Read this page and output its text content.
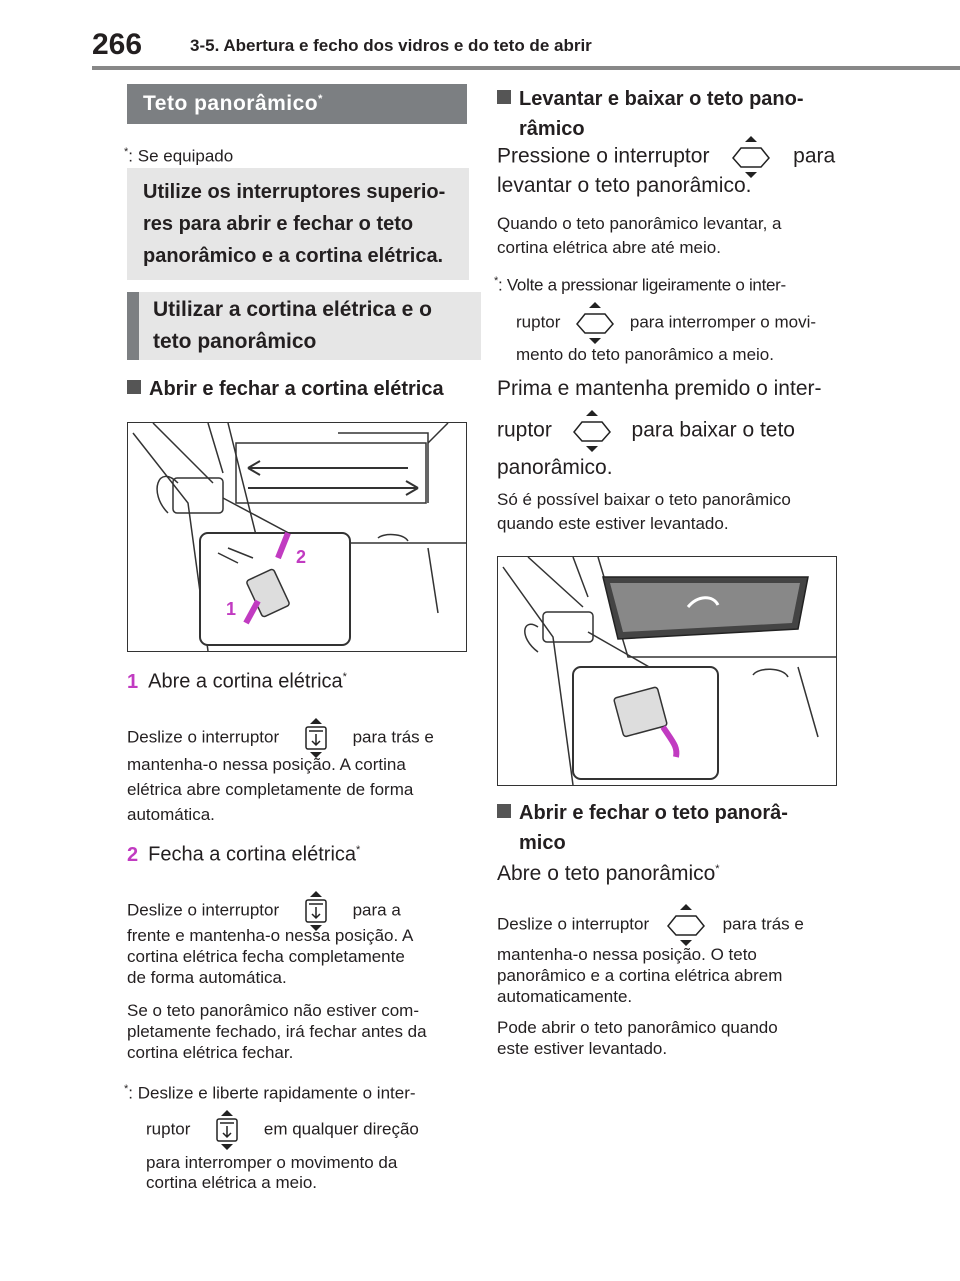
266	3-5. Abertura e fecho dos vidros e do teto de abrir
Teto panorâmico*
*: Se equipado
Utilize os interruptores superio-
res para abrir e fechar o teto
panorâmico e a cortina elétrica.
Utilizar a cortina elétrica e o
teto panorâmico
Abrir e fechar a cortina elétrica
2
1
1 Abre a cortina elétrica*
Deslize o interruptor	para trás e
mantenha-o nessa posição. A cortina
elétrica abre completamente de forma
automática.
2 Fecha a cortina elétrica*
Deslize o interruptor	para a
frente e mantenha-o nessa posição. A
cortina elétrica fecha completamente
de forma automática.
Se o teto panorâmico não estiver com-
pletamente fechado, irá fechar antes da
cortina elétrica fechar.
*: Deslize e liberte rapidamente o inter-
ruptor	em qualquer direção
para interromper o movimento da
cortina elétrica a meio.
Levantar e baixar o teto pano-
râmico
Pressione o interruptor	para
levantar o teto panorâmico.
Quando o teto panorâmico levantar, a
cortina elétrica abre até meio.
*: Volte a pressionar ligeiramente o inter-
ruptor	para interromper o movi-
mento do teto panorâmico a meio.
Prima e mantenha premido o inter-
ruptor	para baixar o teto
panorâmico.
Só é possível baixar o teto panorâmico
quando este estiver levantado.
Abrir e fechar o teto panorâ-
mico
Abre o teto panorâmico*
Deslize o interruptor	para trás e
mantenha-o nessa posição. O teto
panorâmico e a cortina elétrica abrem
automaticamente.
Pode abrir o teto panorâmico quando
este estiver levantado.
